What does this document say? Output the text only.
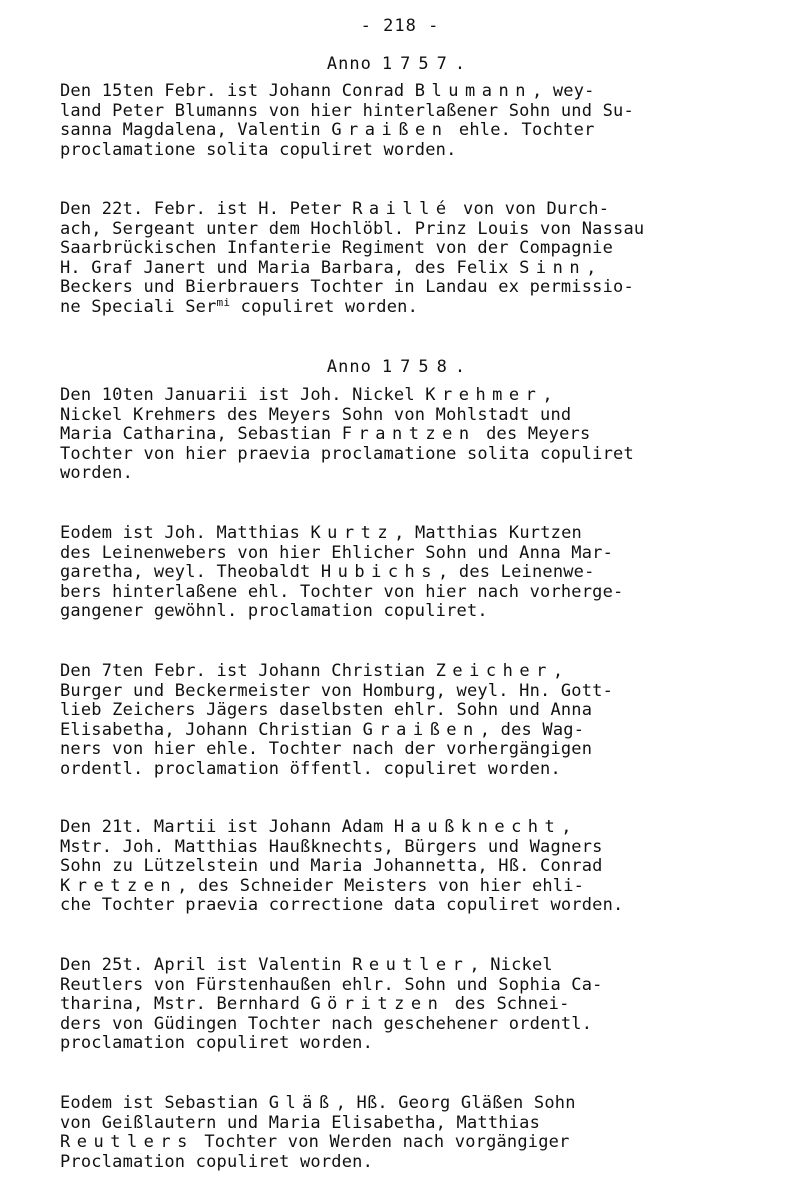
- 218 -
Anno 1757.
Den 15ten Febr. ist Johann Conrad Blumann, wey-
land Peter Blumanns von hier hinterlaßener Sohn und Su-
sanna Magdalena, Valentin Graißen ehle. Tochter
proclamatione solita copuliret worden.
Den 22t. Febr. ist H. Peter Raillé von von Durch-
ach, Sergeant unter dem Hochlöbl. Prinz Louis von Nassau
Saarbrückischen Infanterie Regiment von der Compagnie
H. Graf Janert und Maria Barbara, des Felix Sinn,
Beckers und Bierbrauers Tochter in Landau ex permissio-
ne Speciali Ser$^{mi}$ copuliret worden.
Anno 1758.
Den 10ten Januarii ist Joh. Nickel Krehmer,
Nickel Krehmers des Meyers Sohn von Mohlstadt und
Maria Catharina, Sebastian Frantzen des Meyers
Tochter von hier praevia proclamatione solita copuliret
worden.
Eodem ist Joh. Matthias Kurtz, Matthias Kurtzen
des Leinenwebers von hier Ehlicher Sohn und Anna Mar-
garetha, weyl. Theobaldt Hubichs, des Leinenwe-
bers hinterlaßene ehl. Tochter von hier nach vorherge-
gangener gewöhnl. proclamation copuliret.
Den 7ten Febr. ist Johann Christian Zeicher,
Burger und Beckermeister von Homburg, weyl. Hn. Gott-
lieb Zeichers Jägers daselbsten ehlr. Sohn und Anna
Elisabetha, Johann Christian Graißen, des Wag-
ners von hier ehle. Tochter nach der vorhergängigen
ordentl. proclamation öffentl. copuliret worden.
Den 21t. Martii ist Johann Adam Haußknecht,
Mstr. Joh. Matthias Haußknechts, Bürgers und Wagners
Sohn zu Lützelstein und Maria Johannetta, Hß. Conrad
Kretzen, des Schneider Meisters von hier ehli-
che Tochter praevia correctione data copuliret worden.
Den 25t. April ist Valentin Reutler, Nickel
Reutlers von Fürstenhaußen ehlr. Sohn und Sophia Ca-
tharina, Mstr. Bernhard Göritzen des Schnei-
ders von Güdingen Tochter nach geschehener ordentl.
proclamation copuliret worden.
Eodem ist Sebastian Gläß, Hß. Georg Gläßen Sohn
von Geißlautern und Maria Elisabetha, Matthias
Reutlers Tochter von Werden nach vorgängiger
Proclamation copuliret worden.
